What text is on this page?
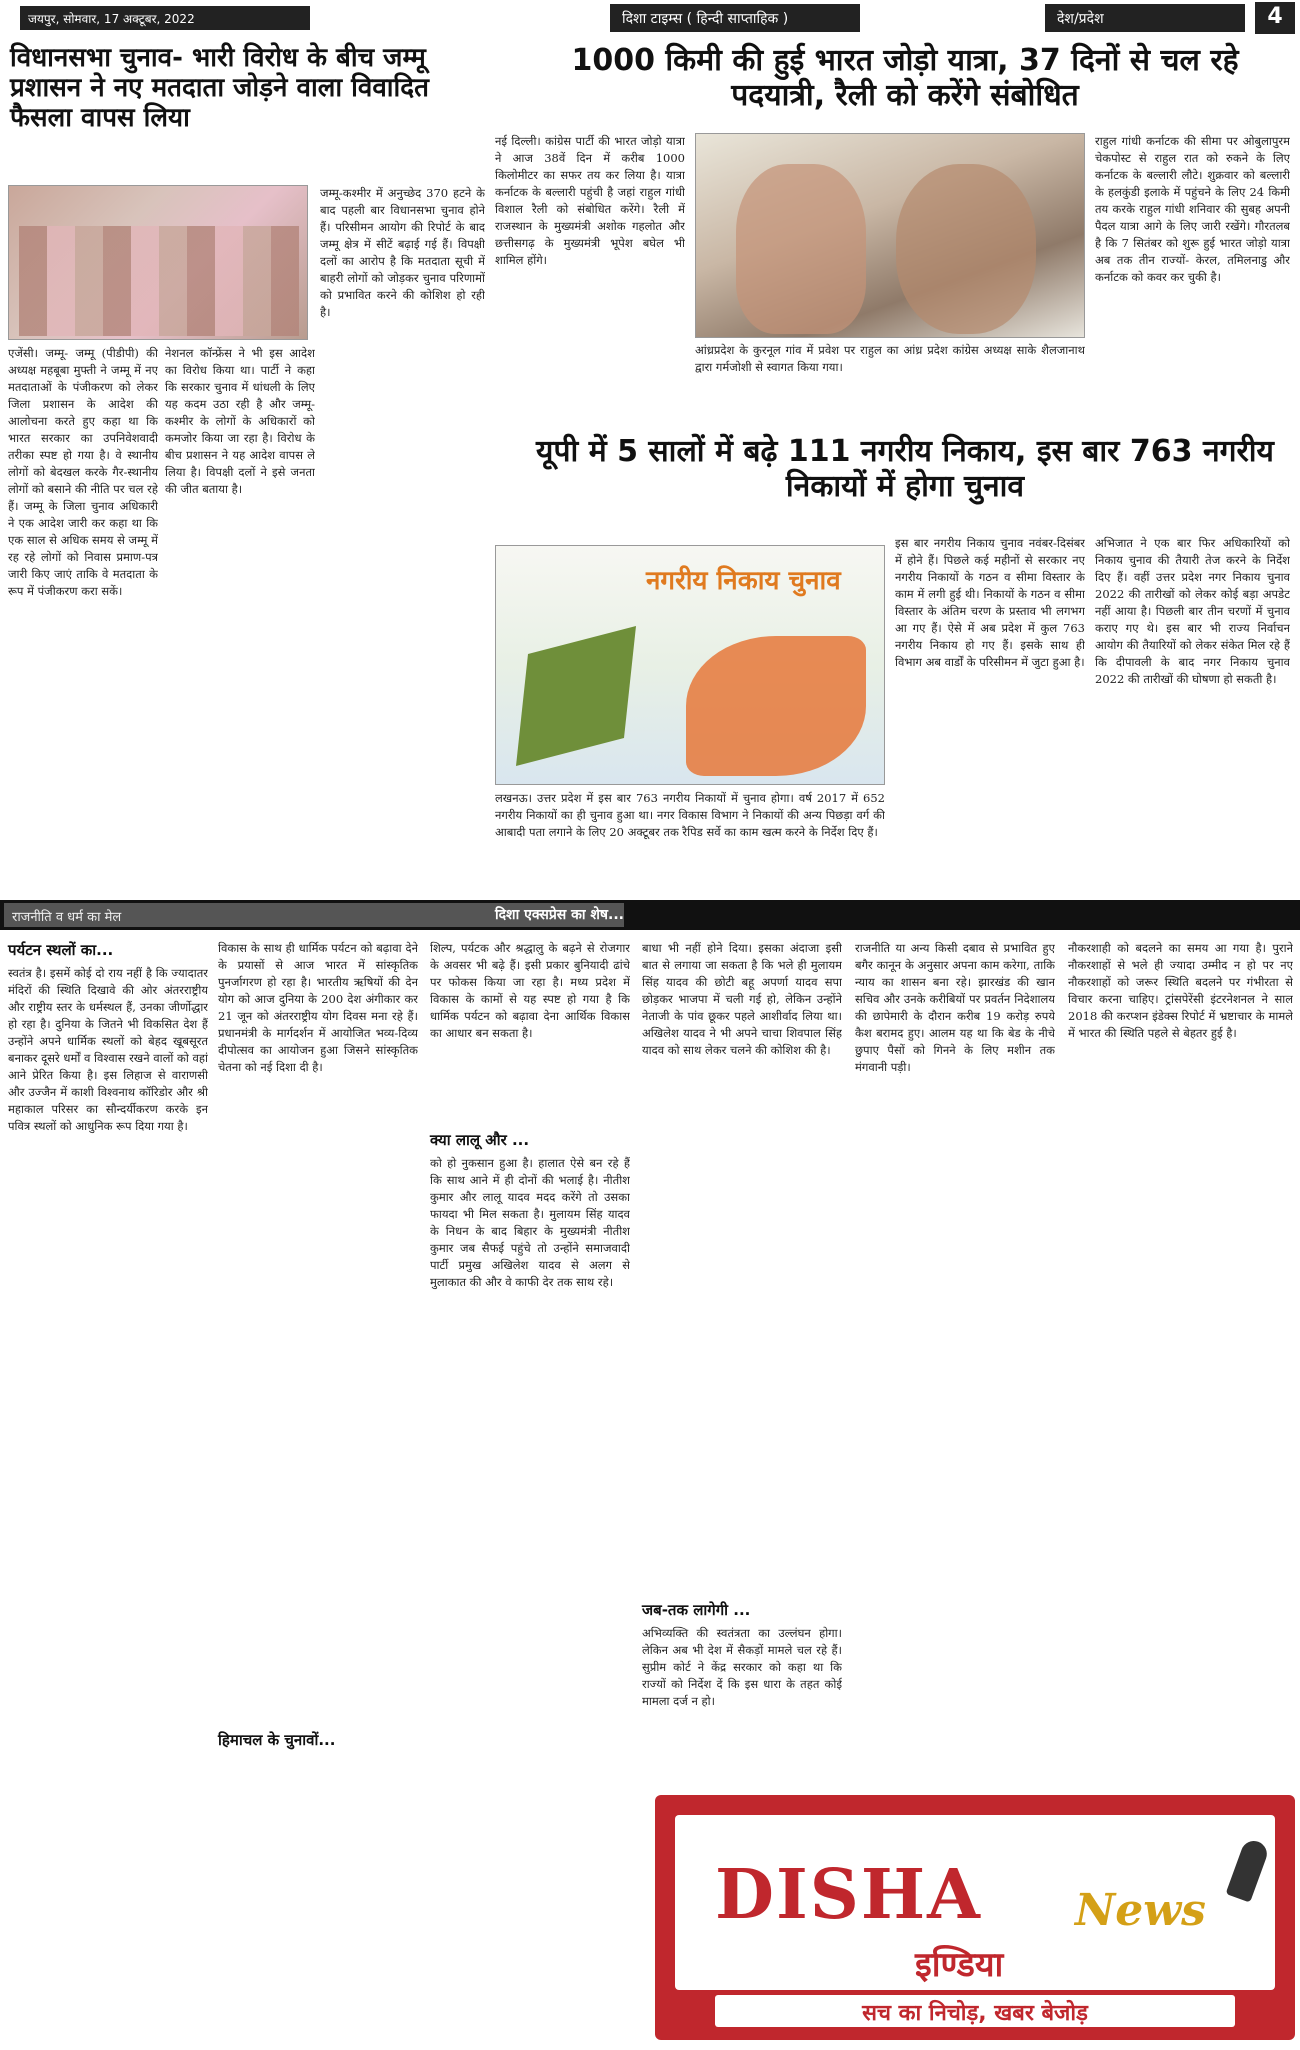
जयपुर, सोमवार, 17 अक्टूबर, 2022	दिशा टाइम्स ( हिन्दी साप्ताहिक )	देश/प्रदेश	4
विधानसभा चुनाव- भारी विरोध के बीच जम्मू प्रशासन ने नए मतदाता जोड़ने वाला विवादित फैसला वापस लिया
एजेंसी। जम्मू- जम्मू (पीडीपी) की अध्यक्ष महबूबा मुफ्ती ने जम्मू में नए मतदाताओं के पंजीकरण को लेकर जिला प्रशासन के आदेश की आलोचना करते हुए कहा था कि भारत सरकार का उपनिवेशवादी तरीका स्पष्ट हो गया है। वे स्थानीय लोगों को बेदखल करके गैर-स्थानीय लोगों को बसाने की नीति पर चल रहे हैं। जम्मू के जिला चुनाव अधिकारी ने एक आदेश जारी कर कहा था कि एक साल से अधिक समय से जम्मू में रह रहे लोगों को निवास प्रमाण-पत्र जारी किए जाएं ताकि वे मतदाता के रूप में पंजीकरण करा सकें।
नेशनल कॉन्फ्रेंस ने भी इस आदेश का विरोध किया था। पार्टी ने कहा कि सरकार चुनाव में धांधली के लिए यह कदम उठा रही है और जम्मू-कश्मीर के लोगों के अधिकारों को कमजोर किया जा रहा है। विरोध के बीच प्रशासन ने यह आदेश वापस ले लिया है। विपक्षी दलों ने इसे जनता की जीत बताया है।
जम्मू-कश्मीर में अनुच्छेद 370 हटने के बाद पहली बार विधानसभा चुनाव होने हैं। परिसीमन आयोग की रिपोर्ट के बाद जम्मू क्षेत्र में सीटें बढ़ाई गई हैं। विपक्षी दलों का आरोप है कि मतदाता सूची में बाहरी लोगों को जोड़कर चुनाव परिणामों को प्रभावित करने की कोशिश हो रही है।
1000 किमी की हुई भारत जोड़ो यात्रा, 37 दिनों से चल रहे पदयात्री, रैली को करेंगे संबोधित
नई दिल्ली। कांग्रेस पार्टी की भारत जोड़ो यात्रा ने आज 38वें दिन में करीब 1000 किलोमीटर का सफर तय कर लिया है। यात्रा कर्नाटक के बल्लारी पहुंची है जहां राहुल गांधी विशाल रैली को संबोधित करेंगे। रैली में राजस्थान के मुख्यमंत्री अशोक गहलोत और छत्तीसगढ़ के मुख्यमंत्री भूपेश बघेल भी शामिल होंगे।
आंध्रप्रदेश के कुरनूल गांव में प्रवेश पर राहुल का आंध्र प्रदेश कांग्रेस अध्यक्ष साके शैलजानाथ द्वारा गर्मजोशी से स्वागत किया गया।
राहुल गांधी कर्नाटक की सीमा पर ओबुलापुरम चेकपोस्ट से राहुल रात को रुकने के लिए कर्नाटक के बल्लारी लौटे। शुक्रवार को बल्लारी के हलकुंडी इलाके में पहुंचने के लिए 24 किमी तय करके राहुल गांधी शनिवार की सुबह अपनी पैदल यात्रा आगे के लिए जारी रखेंगे। गौरतलब है कि 7 सितंबर को शुरू हुई भारत जोड़ो यात्रा अब तक तीन राज्यों- केरल, तमिलनाडु और कर्नाटक को कवर कर चुकी है।
यूपी में 5 सालों में बढ़े 111 नगरीय निकाय, इस बार 763 नगरीय निकायों में होगा चुनाव
नगरीय निकाय चुनाव
लखनऊ। उत्तर प्रदेश में इस बार 763 नगरीय निकायों में चुनाव होगा। वर्ष 2017 में 652 नगरीय निकायों का ही चुनाव हुआ था। नगर विकास विभाग ने निकायों की अन्य पिछड़ा वर्ग की आबादी पता लगाने के लिए 20 अक्टूबर तक रैपिड सर्वे का काम खत्म करने के निर्देश दिए हैं।
इस बार नगरीय निकाय चुनाव नवंबर-दिसंबर में होने हैं। पिछले कई महीनों से सरकार नए नगरीय निकायों के गठन व सीमा विस्तार के काम में लगी हुई थी। निकायों के गठन व सीमा विस्तार के अंतिम चरण के प्रस्ताव भी लगभग आ गए हैं। ऐसे में अब प्रदेश में कुल 763 नगरीय निकाय हो गए हैं। इसके साथ ही विभाग अब वार्डों के परिसीमन में जुटा हुआ है।
अभिजात ने एक बार फिर अधिकारियों को निकाय चुनाव की तैयारी तेज करने के निर्देश दिए हैं। वहीं उत्तर प्रदेश नगर निकाय चुनाव 2022 की तारीखों को लेकर कोई बड़ा अपडेट नहीं आया है। पिछली बार तीन चरणों में चुनाव कराए गए थे। इस बार भी राज्य निर्वाचन आयोग की तैयारियों को लेकर संकेत मिल रहे हैं कि दीपावली के बाद नगर निकाय चुनाव 2022 की तारीखों की घोषणा हो सकती है।
राजनीति व धर्म का मेल	दिशा एक्सप्रेस का शेष...
पर्यटन स्थलों का...
स्वतंत्र है। इसमें कोई दो राय नहीं है कि ज्यादातर मंदिरों की स्थिति दिखावे की ओर अंतरराष्ट्रीय और राष्ट्रीय स्तर के धर्मस्थल हैं, उनका जीर्णोद्धार हो रहा है। दुनिया के जितने भी विकसित देश हैं उन्होंने अपने धार्मिक स्थलों को बेहद खूबसूरत बनाकर दूसरे धर्मों व विश्वास रखने वालों को वहां आने प्रेरित किया है। इस लिहाज से वाराणसी और उज्जैन में काशी विश्वनाथ कॉरिडोर और श्री महाकाल परिसर का सौन्दर्यीकरण करके इन पवित्र स्थलों को आधुनिक रूप दिया गया है।
विकास के साथ ही धार्मिक पर्यटन को बढ़ावा देने के प्रयासों से आज भारत में सांस्कृतिक पुनर्जागरण हो रहा है। भारतीय ऋषियों की देन योग को आज दुनिया के 200 देश अंगीकार कर 21 जून को अंतरराष्ट्रीय योग दिवस मना रहे हैं। प्रधानमंत्री के मार्गदर्शन में आयोजित भव्य-दिव्य दीपोत्सव का आयोजन हुआ जिसने सांस्कृतिक चेतना को नई दिशा दी है।
हिमाचल के चुनावों...
शिल्प, पर्यटक और श्रद्धालु के बढ़ने से रोजगार के अवसर भी बढ़े हैं। इसी प्रकार बुनियादी ढांचे पर फोकस किया जा रहा है। मध्य प्रदेश में विकास के कामों से यह स्पष्ट हो गया है कि धार्मिक पर्यटन को बढ़ावा देना आर्थिक विकास का आधार बन सकता है।
क्या लालू और ...
को हो नुकसान हुआ है। हालात ऐसे बन रहे हैं कि साथ आने में ही दोनों की भलाई है। नीतीश कुमार और लालू यादव मदद करेंगे तो उसका फायदा भी मिल सकता है। मुलायम सिंह यादव के निधन के बाद बिहार के मुख्यमंत्री नीतीश कुमार जब सैफई पहुंचे तो उन्होंने समाजवादी पार्टी प्रमुख अखिलेश यादव से अलग से मुलाकात की और वे काफी देर तक साथ रहे।
बाधा भी नहीं होने दिया। इसका अंदाजा इसी बात से लगाया जा सकता है कि भले ही मुलायम सिंह यादव की छोटी बहू अपर्णा यादव सपा छोड़कर भाजपा में चली गई हो, लेकिन उन्होंने नेताजी के पांव छूकर पहले आशीर्वाद लिया था। अखिलेश यादव ने भी अपने चाचा शिवपाल सिंह यादव को साथ लेकर चलने की कोशिश की है।
जब-तक लागेगी ...
अभिव्यक्ति की स्वतंत्रता का उल्लंघन होगा। लेकिन अब भी देश में सैकड़ों मामले चल रहे हैं। सुप्रीम कोर्ट ने केंद्र सरकार को कहा था कि राज्यों को निर्देश दें कि इस धारा के तहत कोई मामला दर्ज न हो।
राजनीति या अन्य किसी दबाव से प्रभावित हुए बगैर कानून के अनुसार अपना काम करेगा, ताकि न्याय का शासन बना रहे। झारखंड की खान सचिव और उनके करीबियों पर प्रवर्तन निदेशालय की छापेमारी के दौरान करीब 19 करोड़ रुपये कैश बरामद हुए। आलम यह था कि बेड के नीचे छुपाए पैसों को गिनने के लिए मशीन तक मंगवानी पड़ी।
नौकरशाही को बदलने का समय आ गया है। पुराने नौकरशाहों से भले ही ज्यादा उम्मीद न हो पर नए नौकरशाहों को जरूर स्थिति बदलने पर गंभीरता से विचार करना चाहिए। ट्रांसपेरेंसी इंटरनेशनल ने साल 2018 की करप्शन इंडेक्स रिपोर्ट में भ्रष्टाचार के मामले में भारत की स्थिति पहले से बेहतर हुई है।
DISHA News
इण्डिया
सच का निचोड़, खबर बेजोड़
